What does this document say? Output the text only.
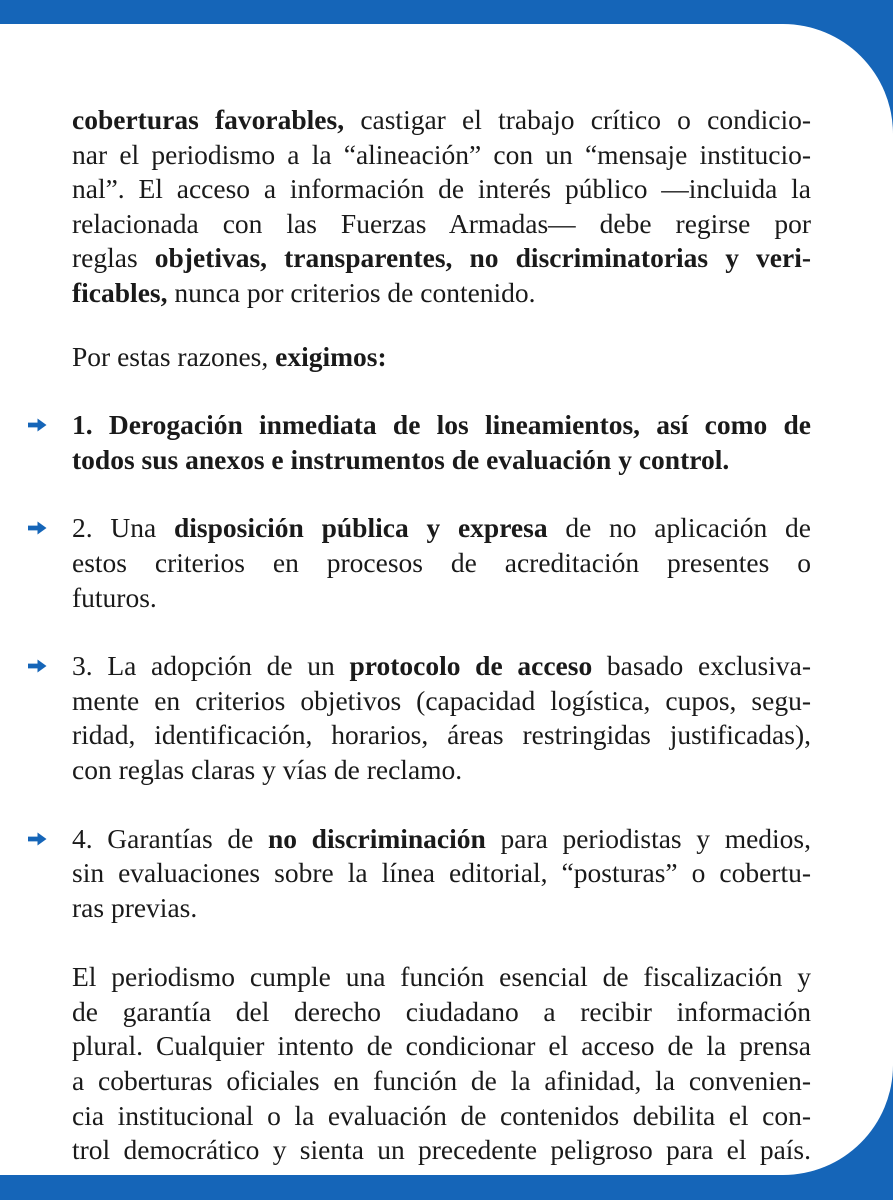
coberturas favorables, castigar el trabajo crítico o condicio-
nar el periodismo a la “alineación” con un “mensaje institucio-
nal”. El acceso a información de interés público —incluida la
relacionada con las Fuerzas Armadas— debe regirse por
reglas objetivas, transparentes, no discriminatorias y veri-
ficables, nunca por criterios de contenido.

Por estas razones, exigimos:

1. Derogación inmediata de los lineamientos, así como de
todos sus anexos e instrumentos de evaluación y control.
2. Una disposición pública y expresa de no aplicación de
estos criterios en procesos de acreditación presentes o
futuros.
3. La adopción de un protocolo de acceso basado exclusiva-
mente en criterios objetivos (capacidad logística, cupos, segu-
ridad, identificación, horarios, áreas restringidas justificadas),
con reglas claras y vías de reclamo.
4. Garantías de no discriminación para periodistas y medios,
sin evaluaciones sobre la línea editorial, “posturas” o cobertu-
ras previas.

El periodismo cumple una función esencial de fiscalización y
de garantía del derecho ciudadano a recibir información
plural. Cualquier intento de condicionar el acceso de la prensa
a coberturas oficiales en función de la afinidad, la convenien-
cia institucional o la evaluación de contenidos debilita el con-
trol democrático y sienta un precedente peligroso para el país.
